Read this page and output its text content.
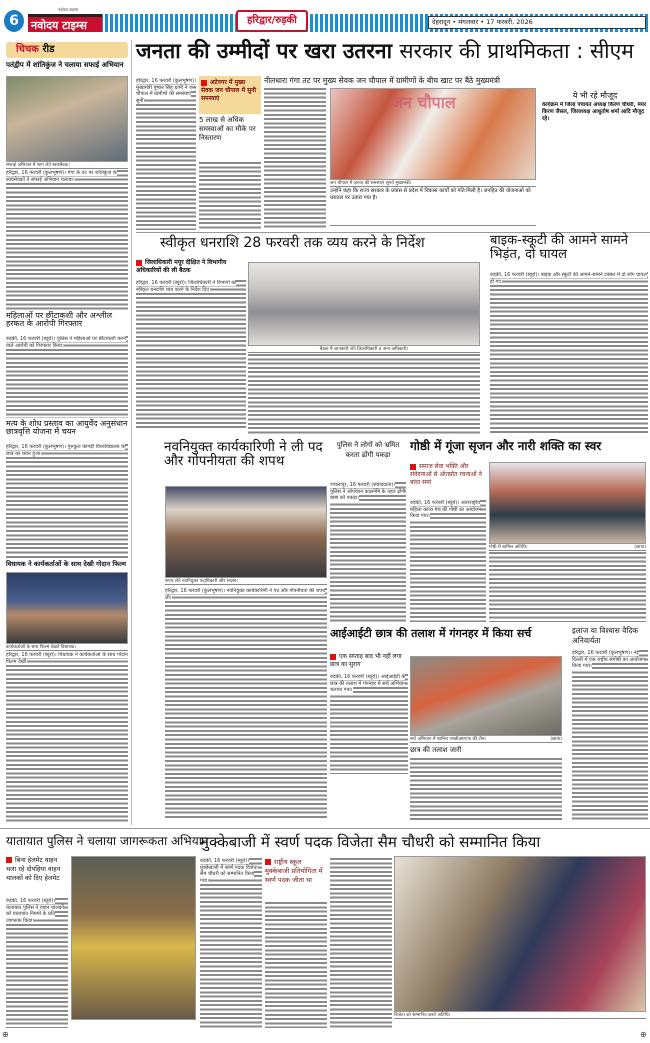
6
नवोदय टाइम्स
नवोदय टाइम्स	हरिद्वार/रुड़की	देहरादून • मंगलवार • 17 फरवरी, 2026
चिचक रीड
पतंद्वीप में शांतिकुंज ने चलाया सफाई अभियान
सफाई अभियान में भाग लेते स्वयंसेवक।
हरिद्वार, 16 फरवरी (कुलभूषण)। गंगा के तट पर शांतिकुंज के स्वयंसेवकों ने सफाई अभियान चलाया।
महिलाओं पर छींटाकशी और अश्लील हरकत के आरोपी गिरफ्तार
रुड़की, 16 फरवरी (ब्यूरो)। पुलिस ने महिलाओं पर छींटाकशी करने वाले आरोपी को गिरफ्तार किया।
मत्य के शोध प्रस्ताव का आयुर्वेद अनुसंधान छात्रवृत्ति योजना में चयन
हरिद्वार, 16 फरवरी (कुलभूषण)। गुरुकुल कांगड़ी विश्वविद्यालय के छात्र का चयन हुआ।
विधायक ने कार्यकर्ताओं के साथ देखी गोदान फिल्म
कार्यकर्ताओं के साथ फिल्म देखते विधायक।
हरिद्वार, 16 फरवरी (ब्यूरो)। विधायक ने कार्यकर्ताओं के साथ गोदान फिल्म देखी।
जनता की उम्मीदों पर खरा उतरना सरकार की प्राथमिकता : सीएम
हरिद्वार, 16 फरवरी (कुलभूषण)। मुख्यमंत्री पुष्कर सिंह धामी ने जन चौपाल में ग्रामीणों की समस्याएं सुनीं।
अटेनगर में मुख्य सेवक जन चौपाल में सुनी समस्याएं
5 लाख से अधिक समस्याओं का मौके पर निस्तारण
नीलधारा गंगा तट पर मुख्य सेवक जन चौपाल में ग्रामीणों के बीच खाट पर बैठे मुख्यमंत्री
जन चौपाल
जन चौपाल में जनता की समस्याएं सुनते मुख्यमंत्री।
उन्होंने कहा कि राज्य सरकार के प्रयास से प्रदेश में विकास कार्यों को गति मिली है। जनहित की योजनाओं को धरातल पर उतारा गया है।
ये भी रहे मौजूद
कार्यक्रम में जिला पंचायत अध्यक्ष किरण चौधरी, मेयर किरण जैसल, जिलाध्यक्ष आशुतोष शर्मा आदि मौजूद रहे।
स्वीकृत धनराशि 28 फरवरी तक व्यय करने के निर्देश
जिलाधिकारी मयूर दीक्षित ने विभागीय अधिकारियों की ली बैठक
हरिद्वार, 16 फरवरी (ब्यूरो)। जिलाधिकारी ने विभागों को स्वीकृत धनराशि व्यय करने के निर्देश दिए।
बैठक में जानकारी लेते जिलाधिकारी व अन्य अधिकारी।
बाइक-स्कूटी की आमने सामने भिड़ंत, दो घायल
रुड़की, 16 फरवरी (ब्यूरो)। बाइक और स्कूटी की आमने-सामने टक्कर में दो लोग घायल हो गए।
नवनियुक्त कार्यकारिणी ने ली पद और गोपनीयता की शपथ
शपथ लेते नवनियुक्त पदाधिकारी और सदस्य।
हरिद्वार, 16 फरवरी (कुलभूषण)। नवनियुक्त कार्यकारिणी ने पद और गोपनीयता की शपथ ली।
पुलिस ने लोगों को भ्रमित करता ढोंगी पकड़ा
ज्वालापुर, 16 फरवरी (संवाददाता)। पुलिस ने ऑपरेशन कालनेमि के तहत ढोंगी बाबा को पकड़ा।
गोष्ठी में गूंजा सृजन और नारी शक्ति का स्वर
समाज सेवा भक्ति और संवेदनाओं से ओतप्रोत रचनाओं ने बांधा समां
रुड़की, 16 फरवरी (ब्यूरो)। अंतरराष्ट्रीय महिला काव्य मंच की गोष्ठी का आयोजन किया गया।
गोष्ठी में शामिल अतिथि।	(छाया)
आईआईटी छात्र की तलाश में गंगनहर में किया सर्च
एक सप्ताह बाद भी नहीं लगा छात्र का सुराग
रुड़की, 16 फरवरी (ब्यूरो)। आईआईटी के छात्र की तलाश में गंगनहर में सर्च अभियान चलाया गया।
सर्च अभियान में शामिल एसडीआरएफ की टीम।	(छाया)
छात्र की तलाश जारी
इलाज या विश्वास वैदिक अनिवार्यता
हरिद्वार, 16 फरवरी (कुलभूषण)। नई दिल्ली में एक राष्ट्रीय संगोष्ठी का आयोजन किया गया।
यातायात पुलिस ने चलाया जागरूकता अभियान
बिना हेलमेट वाहन चला रहे दोपहिया वाहन चालकों को दिए हेलमेट
रुड़की, 16 फरवरी (ब्यूरो)। यातायात पुलिस ने वाहन चालकों को यातायात नियमों के प्रति जागरूक किया।
मुक्केबाजी में स्वर्ण पदक विजेता सैम चौधरी को सम्मानित किया
रुड़की, 16 फरवरी (ब्यूरो)। मुक्केबाजी में स्वर्ण पदक विजेता सैम चौधरी को सम्मानित किया गया।
राष्ट्रीय स्कूल मुक्केबाजी प्रतियोगिता में स्वर्ण पदक जीता था
विजेता को सम्मानित करते अतिथि।
⊕	⊕
